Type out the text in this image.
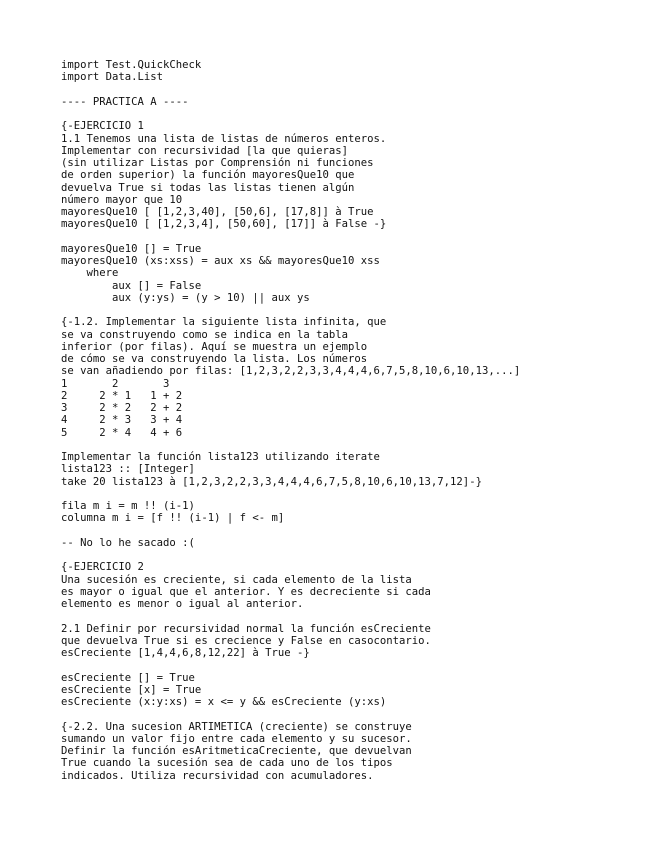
import Test.QuickCheck
import Data.List
---- PRACTICA A ----
{-EJERCICIO 1
1.1 Tenemos una lista de listas de números enteros.
Implementar con recursividad [la que quieras]
(sin utilizar Listas por Comprensión ni funciones
de orden superior) la función mayoresQue10 que
devuelva True si todas las listas tienen algún
número mayor que 10
mayoresQue10 [ [1,2,3,40], [50,6], [17,8]] à True
mayoresQue10 [ [1,2,3,4], [50,60], [17]] à False -}
mayoresQue10 [] = True
mayoresQue10 (xs:xss) = aux xs && mayoresQue10 xss
where
aux [] = False
aux (y:ys) = (y > 10) || aux ys
{-1.2. Implementar la siguiente lista infinita, que
se va construyendo como se indica en la tabla
inferior (por filas). Aquí se muestra un ejemplo
de cómo se va construyendo la lista. Los números
se van añadiendo por filas: [1,2,3,2,2,3,3,4,4,4,6,7,5,8,10,6,10,13,...]
1       2       3
2     2 * 1   1 + 2
3     2 * 2   2 + 2
4     2 * 3   3 + 4
5     2 * 4   4 + 6
Implementar la función lista123 utilizando iterate
lista123 :: [Integer]
take 20 lista123 à [1,2,3,2,2,3,3,4,4,4,6,7,5,8,10,6,10,13,7,12]-}
fila m i = m !! (i-1)
columna m i = [f !! (i-1) | f <- m]
-- No lo he sacado :(
{-EJERCICIO 2
Una sucesión es creciente, si cada elemento de la lista
es mayor o igual que el anterior. Y es decreciente si cada
elemento es menor o igual al anterior.
2.1 Definir por recursividad normal la función esCreciente
que devuelva True si es crecience y False en casocontario.
esCreciente [1,4,4,6,8,12,22] à True -}
esCreciente [] = True
esCreciente [x] = True
esCreciente (x:y:xs) = x <= y && esCreciente (y:xs)
{-2.2. Una sucesion ARTIMETICA (creciente) se construye
sumando un valor fijo entre cada elemento y su sucesor.
Definir la función esAritmeticaCreciente, que devuelvan
True cuando la sucesión sea de cada uno de los tipos
indicados. Utiliza recursividad con acumuladores.
